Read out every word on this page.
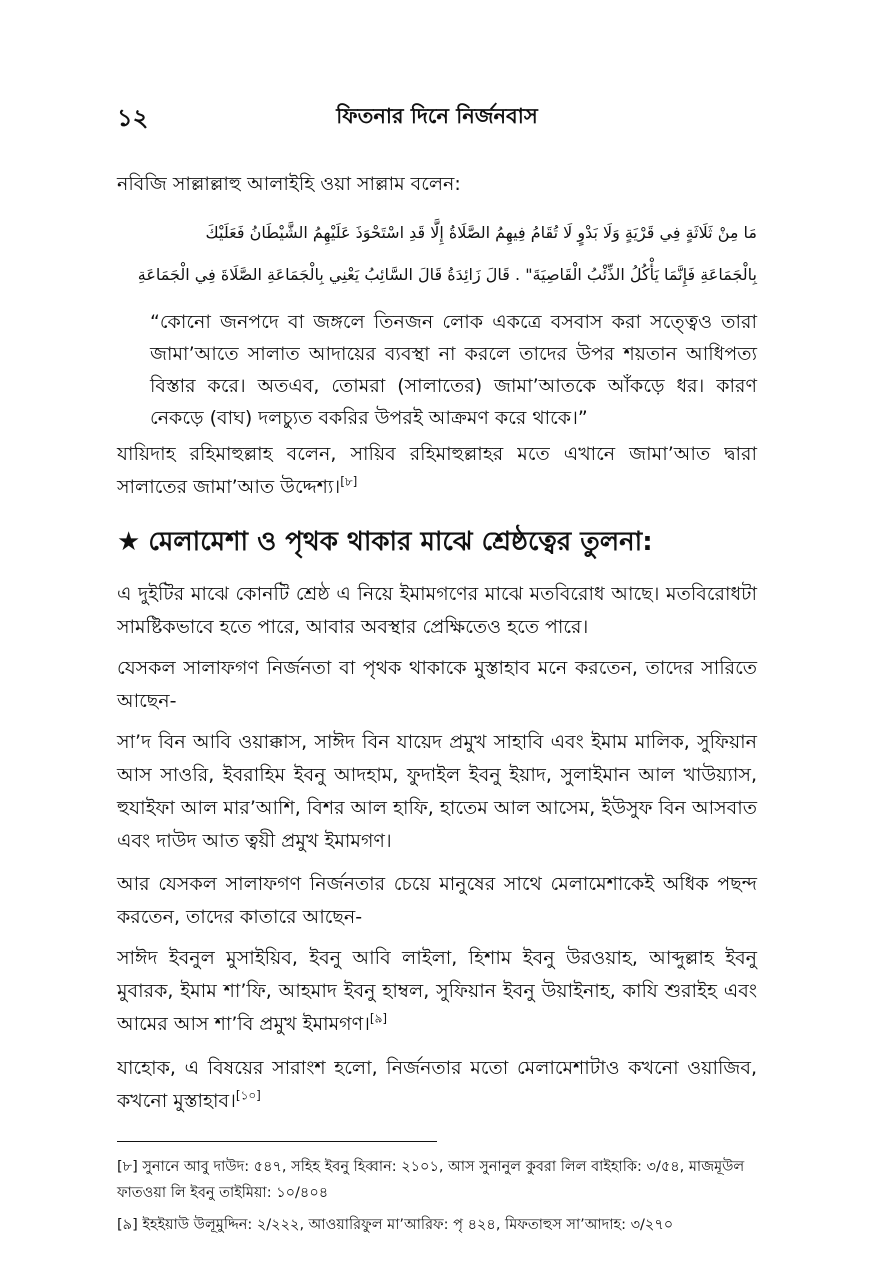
১২	ফিতনার দিনে নির্জনবাস
নবিজি সাল্লাল্লাহু আলাইহি ওয়া সাল্লাম বলেন:
مَا مِنْ ثَلَاثَةٍ فِي قَرْيَةٍ وَلَا بَدْوٍ لَا تُقَامُ فِيهِمُ الصَّلَاةُ إِلَّا قَدِ اسْتَحْوَذَ عَلَيْهِمُ الشَّيْطَانُ فَعَلَيْكَ
بِالْجَمَاعَةِ فَإِنَّمَا يَأْكُلُ الذِّئْبُ الْقَاصِيَةَ" . قَالَ زَائِدَةُ قَالَ السَّائِبُ يَعْنِي بِالْجَمَاعَةِ الصَّلَاةَ فِي الْجَمَاعَةِ
“কোনো জনপদে বা জঙ্গলে তিনজন লোক একত্রে বসবাস করা সত্ত্বেও তারা জামা’আতে সালাত আদায়ের ব্যবস্থা না করলে তাদের উপর শয়তান আধিপত্য বিস্তার করে। অতএব, তোমরা (সালাতের) জামা’আতকে আঁকড়ে ধর। কারণ নেকড়ে (বাঘ) দলচ্যুত বকরির উপরই আক্রমণ করে থাকে।”
যায়িদাহ রহিমাহুল্লাহ বলেন, সায়িব রহিমাহুল্লাহর মতে এখানে জামা’আত দ্বারা সালাতের জামা’আত উদ্দেশ্য।[৮]
★ মেলামেশা ও পৃথক থাকার মাঝে শ্রেষ্ঠত্বের তুলনা:
এ দুইটির মাঝে কোনটি শ্রেষ্ঠ এ নিয়ে ইমামগণের মাঝে মতবিরোধ আছে। মতবিরোধটা সামষ্টিকভাবে হতে পারে, আবার অবস্থার প্রেক্ষিতেও হতে পারে।
যেসকল সালাফগণ নির্জনতা বা পৃথক থাকাকে মুস্তাহাব মনে করতেন, তাদের সারিতে আছেন-
সা’দ বিন আবি ওয়াক্কাস, সাঈদ বিন যায়েদ প্রমুখ সাহাবি এবং ইমাম মালিক, সুফিয়ান আস সাওরি, ইবরাহিম ইবনু আদহাম, ফুদাইল ইবনু ইয়াদ, সুলাইমান আল খাউয়্যাস, হুযাইফা আল মার’আশি, বিশর আল হাফি, হাতেম আল আসেম, ইউসুফ বিন আসবাত এবং দাউদ আত ত্বয়ী প্রমুখ ইমামগণ।
আর যেসকল সালাফগণ নির্জনতার চেয়ে মানুষের সাথে মেলামেশাকেই অধিক পছন্দ করতেন, তাদের কাতারে আছেন-
সাঈদ ইবনুল মুসাইয়িব, ইবনু আবি লাইলা, হিশাম ইবনু উরওয়াহ, আব্দুল্লাহ ইবনু মুবারক, ইমাম শা’ফি, আহমাদ ইবনু হাম্বল, সুফিয়ান ইবনু উয়াইনাহ, কাযি শুরাইহ এবং আমের আস শা’বি প্রমুখ ইমামগণ।[৯]
যাহোক, এ বিষয়ের সারাংশ হলো, নির্জনতার মতো মেলামেশাটাও কখনো ওয়াজিব, কখনো মুস্তাহাব।[১০]
[৮] সুনানে আবু দাউদ: ৫৪৭, সহিহ ইবনু হিব্বান: ২১০১, আস সুনানুল কুবরা লিল বাইহাকি: ৩/৫৪, মাজমূউল ফাতওয়া লি ইবনু তাইমিয়া: ১০/৪০৪
[৯] ইহইয়াউ উলূমুদ্দিন: ২/২২২, আওয়ারিফুল মা’আরিফ: পৃ ৪২৪, মিফতাহুস সা’আদাহ: ৩/২৭০
